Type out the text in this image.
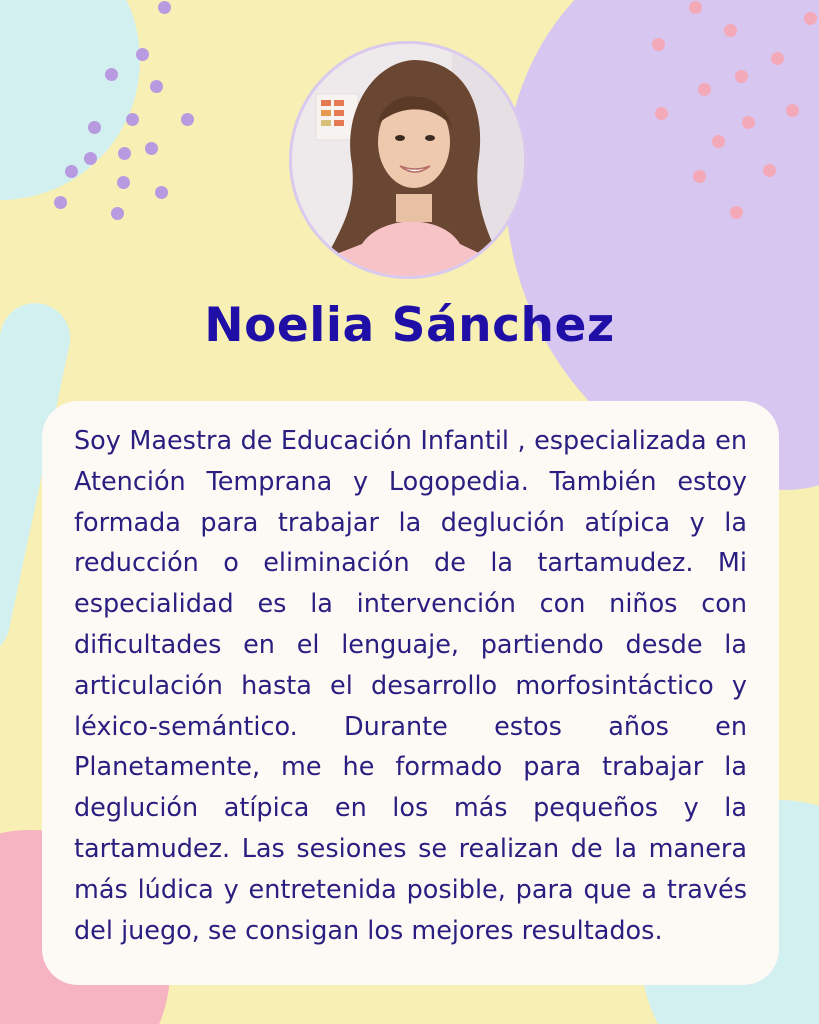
Noelia Sánchez

Soy Maestra de Educación Infantil , especializada en Atención Temprana y Logopedia. También estoy formada para trabajar la deglución atípica y la reducción o eliminación de la tartamudez. Mi especialidad es la intervención con niños con dificultades en el lenguaje, partiendo desde la articulación hasta el desarrollo morfosintáctico y léxico-semántico. Durante estos años en Planetamente, me he formado para trabajar la deglución atípica en los más pequeños y la tartamudez. Las sesiones se realizan de la manera más lúdica y entretenida posible, para que a través del juego, se consigan los mejores resultados.
